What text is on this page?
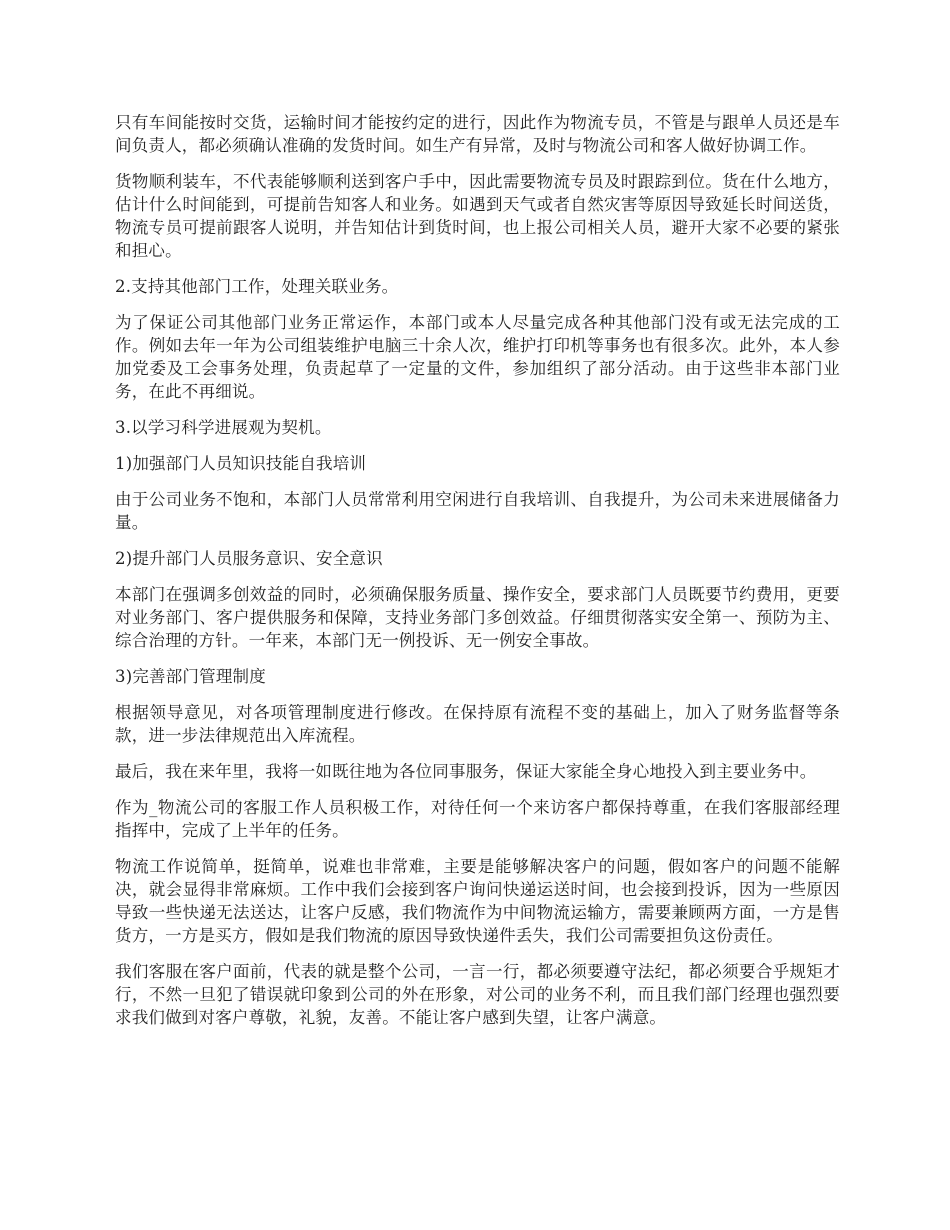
只有车间能按时交货，运输时间才能按约定的进行，因此作为物流专员，不管是与跟单人员还是车间负责人，都必须确认准确的发货时间。如生产有异常，及时与物流公司和客人做好协调工作。

货物顺利装车，不代表能够顺利送到客户手中，因此需要物流专员及时跟踪到位。货在什么地方，估计什么时间能到，可提前告知客人和业务。如遇到天气或者自然灾害等原因导致延长时间送货，物流专员可提前跟客人说明，并告知估计到货时间，也上报公司相关人员，避开大家不必要的紧张和担心。

2.支持其他部门工作，处理关联业务。

为了保证公司其他部门业务正常运作，本部门或本人尽量完成各种其他部门没有或无法完成的工作。例如去年一年为公司组装维护电脑三十余人次，维护打印机等事务也有很多次。此外，本人参加党委及工会事务处理，负责起草了一定量的文件，参加组织了部分活动。由于这些非本部门业务，在此不再细说。

3.以学习科学进展观为契机。

1)加强部门人员知识技能自我培训

由于公司业务不饱和，本部门人员常常利用空闲进行自我培训、自我提升，为公司未来进展储备力量。

2)提升部门人员服务意识、安全意识

本部门在强调多创效益的同时，必须确保服务质量、操作安全，要求部门人员既要节约费用，更要对业务部门、客户提供服务和保障，支持业务部门多创效益。仔细贯彻落实安全第一、预防为主、综合治理的方针。一年来，本部门无一例投诉、无一例安全事故。

3)完善部门管理制度

根据领导意见，对各项管理制度进行修改。在保持原有流程不变的基础上，加入了财务监督等条款，进一步法律规范出入库流程。

最后，我在来年里，我将一如既往地为各位同事服务，保证大家能全身心地投入到主要业务中。

作为_物流公司的客服工作人员积极工作，对待任何一个来访客户都保持尊重，在我们客服部经理指挥中，完成了上半年的任务。

物流工作说简单，挺简单，说难也非常难，主要是能够解决客户的问题，假如客户的问题不能解决，就会显得非常麻烦。工作中我们会接到客户询问快递运送时间，也会接到投诉，因为一些原因导致一些快递无法送达，让客户反感，我们物流作为中间物流运输方，需要兼顾两方面，一方是售货方，一方是买方，假如是我们物流的原因导致快递件丢失，我们公司需要担负这份责任。

我们客服在客户面前，代表的就是整个公司，一言一行，都必须要遵守法纪，都必须要合乎规矩才行，不然一旦犯了错误就印象到公司的外在形象，对公司的业务不利，而且我们部门经理也强烈要求我们做到对客户尊敬，礼貌，友善。不能让客户感到失望，让客户满意。
